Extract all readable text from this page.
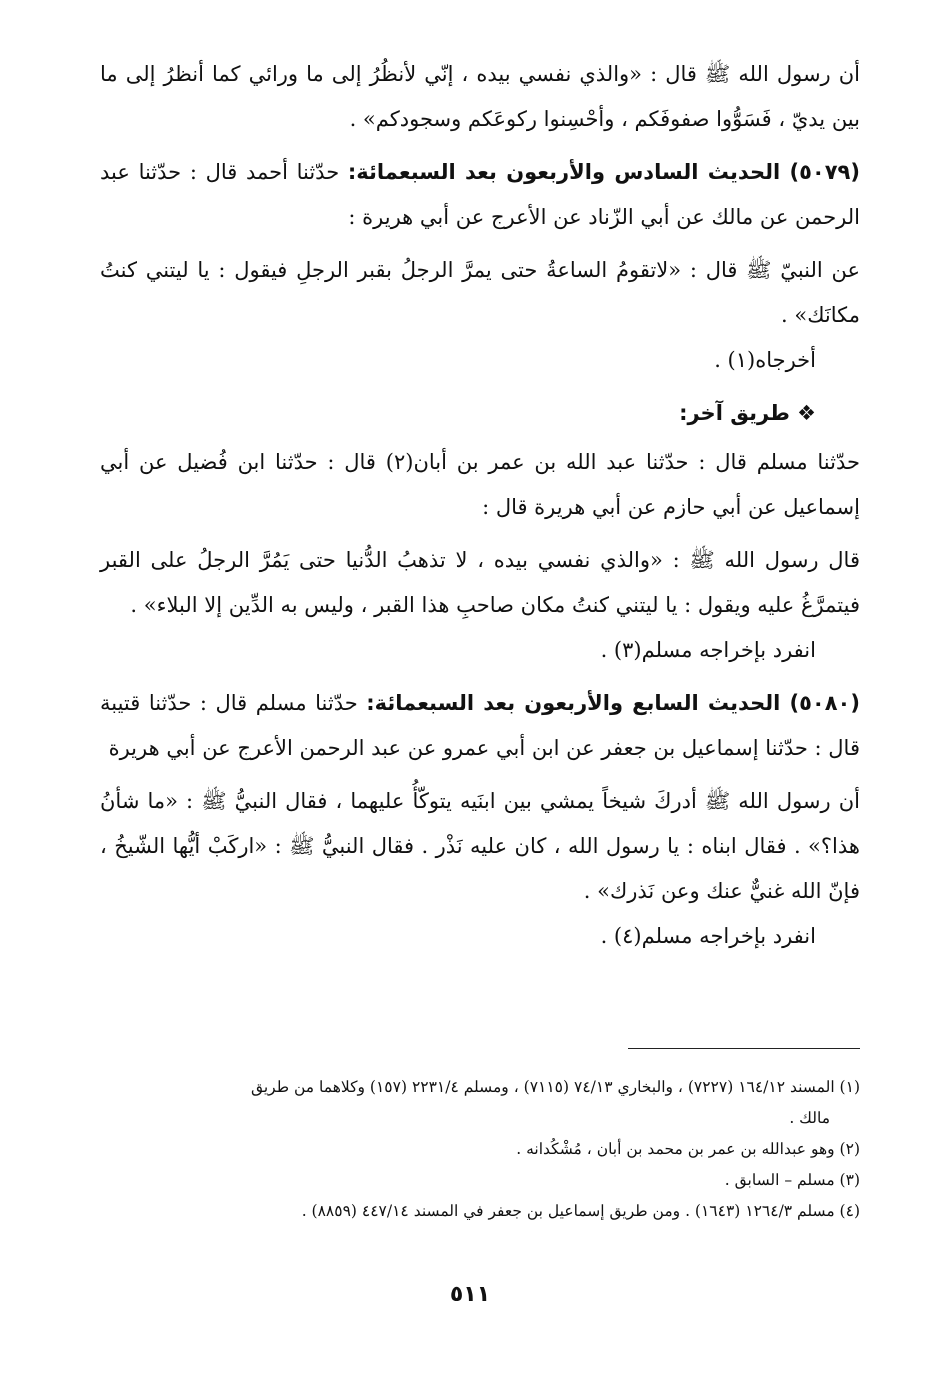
أن رسول الله ﷺ قال : «والذي نفسي بيده ، إنّي لأنظُرُ إلى ما ورائي كما أنظرُ إلى ما بين يديّ ، فَسَوُّوا صفوفَكم ، وأحْسِنوا ركوعَكم وسجودكم» .

(٥٠٧٩) الحديث السادس والأربعون بعد السبعمائة: حدّثنا أحمد قال : حدّثنا عبد الرحمن عن مالك عن أبي الزّناد عن الأعرج عن أبي هريرة :

عن النبيّ ﷺ قال : «لاتقومُ الساعةُ حتى يمرَّ الرجلُ بقبر الرجلِ فيقول : يا ليتني كنتُ مكانَك» .

أخرجاه(١) .

❖ طريق آخر:

حدّثنا مسلم قال : حدّثنا عبد الله بن عمر بن أبان(٢) قال : حدّثنا ابن فُضيل عن أبي إسماعيل عن أبي حازم عن أبي هريرة قال :

قال رسول الله ﷺ : «والذي نفسي بيده ، لا تذهبُ الدُّنيا حتى يَمُرَّ الرجلُ على القبر فيتمرَّغُ عليه ويقول : يا ليتني كنتُ مكان صاحبِ هذا القبر ، وليس به الدِّين إلا البلاء» .

انفرد بإخراجه مسلم(٣) .

(٥٠٨٠) الحديث السابع والأربعون بعد السبعمائة: حدّثنا مسلم قال : حدّثنا قتيبة قال : حدّثنا إسماعيل بن جعفر عن ابن أبي عمرو عن عبد الرحمن الأعرج عن أبي هريرة

أن رسول الله ﷺ أدركَ شيخاً يمشي بين ابنَيه يتوكّأُ عليهما ، فقال النبيُّ ﷺ : «ما شأنُ هذا؟» . فقال ابناه : يا رسول الله ، كان عليه نَذْر . فقال النبيُّ ﷺ : «اركَبْ أيُّها الشّيخُ ، فإنّ الله غنيٌّ عنك وعن نَذرك» .

انفرد بإخراجه مسلم(٤) .

(١) المسند ١٦٤/١٢ (٧٢٢٧) ، والبخاري ٧٤/١٣ (٧١١٥) ، ومسلم ٢٢٣١/٤ (١٥٧) وكلاهما من طريق

مالك .

(٢) وهو عبدالله بن عمر بن محمد بن أبان ، مُشْكُدانه .

(٣) مسلم – السابق .

(٤) مسلم ١٢٦٤/٣ (١٦٤٣) . ومن طريق إسماعيل بن جعفر في المسند ٤٤٧/١٤ (٨٨٥٩) .

٥١١
